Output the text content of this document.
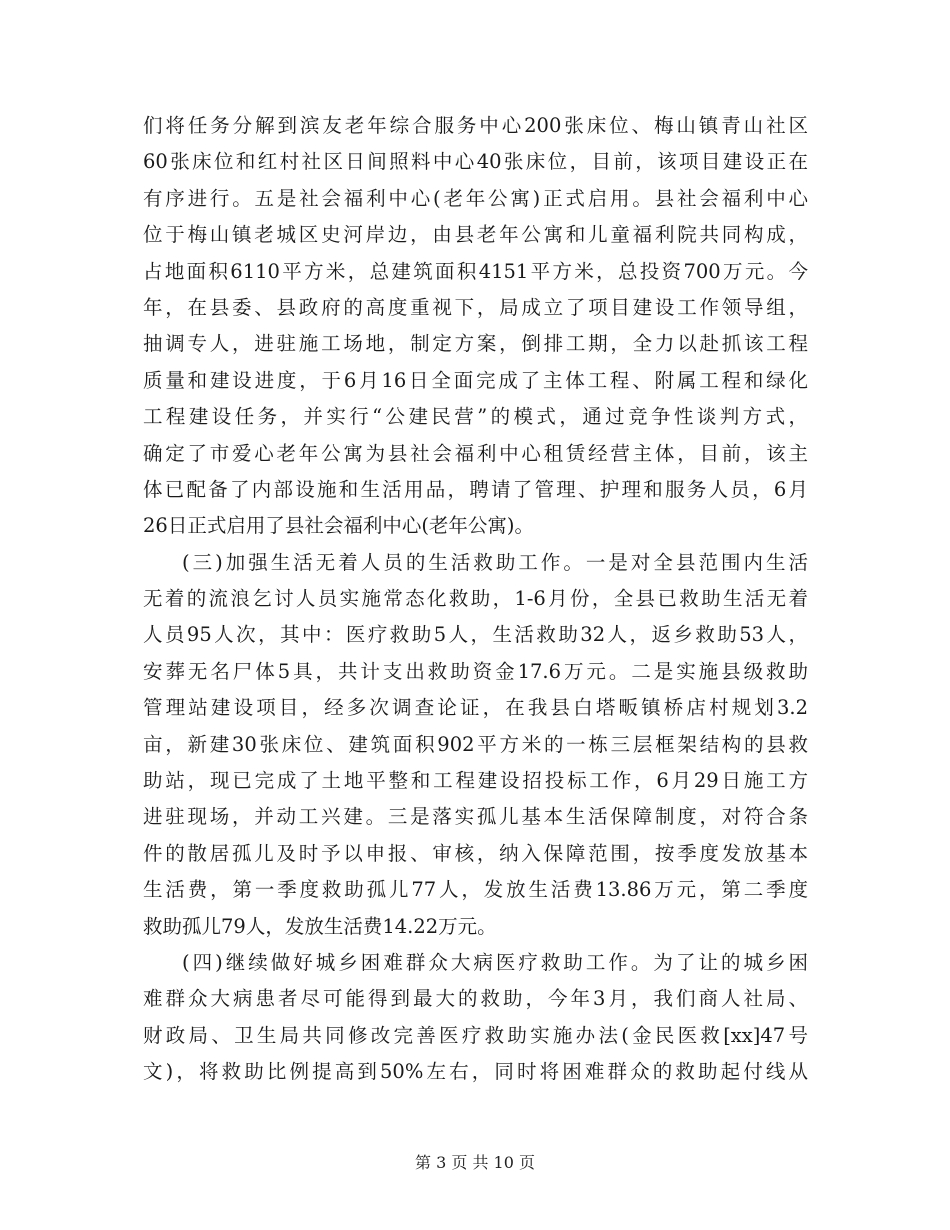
们将任务分解到滨友老年综合服务中心200张床位、梅山镇青山社区
60张床位和红村社区日间照料中心40张床位，目前，该项目建设正在
有序进行。五是社会福利中心(老年公寓)正式启用。县社会福利中心
位于梅山镇老城区史河岸边，由县老年公寓和儿童福利院共同构成，
占地面积6110平方米，总建筑面积4151平方米，总投资700万元。今
年，在县委、县政府的高度重视下，局成立了项目建设工作领导组，
抽调专人，进驻施工场地，制定方案，倒排工期，全力以赴抓该工程
质量和建设进度，于6月16日全面完成了主体工程、附属工程和绿化
工程建设任务，并实行“公建民营”的模式，通过竞争性谈判方式，
确定了市爱心老年公寓为县社会福利中心租赁经营主体，目前，该主
体已配备了内部设施和生活用品，聘请了管理、护理和服务人员，6月
26日正式启用了县社会福利中心(老年公寓)。
(三)加强生活无着人员的生活救助工作。一是对全县范围内生活
无着的流浪乞讨人员实施常态化救助，1-6月份，全县已救助生活无着
人员95人次，其中：医疗救助5人，生活救助32人，返乡救助53人，
安葬无名尸体5具，共计支出救助资金17.6万元。二是实施县级救助
管理站建设项目，经多次调查论证，在我县白塔畈镇桥店村规划3.2
亩，新建30张床位、建筑面积902平方米的一栋三层框架结构的县救
助站，现已完成了土地平整和工程建设招投标工作，6月29日施工方
进驻现场，并动工兴建。三是落实孤儿基本生活保障制度，对符合条
件的散居孤儿及时予以申报、审核，纳入保障范围，按季度发放基本
生活费，第一季度救助孤儿77人，发放生活费13.86万元，第二季度
救助孤儿79人，发放生活费14.22万元。
(四)继续做好城乡困难群众大病医疗救助工作。为了让的城乡困
难群众大病患者尽可能得到最大的救助，今年3月，我们商人社局、
财政局、卫生局共同修改完善医疗救助实施办法(金民医救[xx]47号
文)，将救助比例提高到50%左右，同时将困难群众的救助起付线从
第 3 页 共 10 页
